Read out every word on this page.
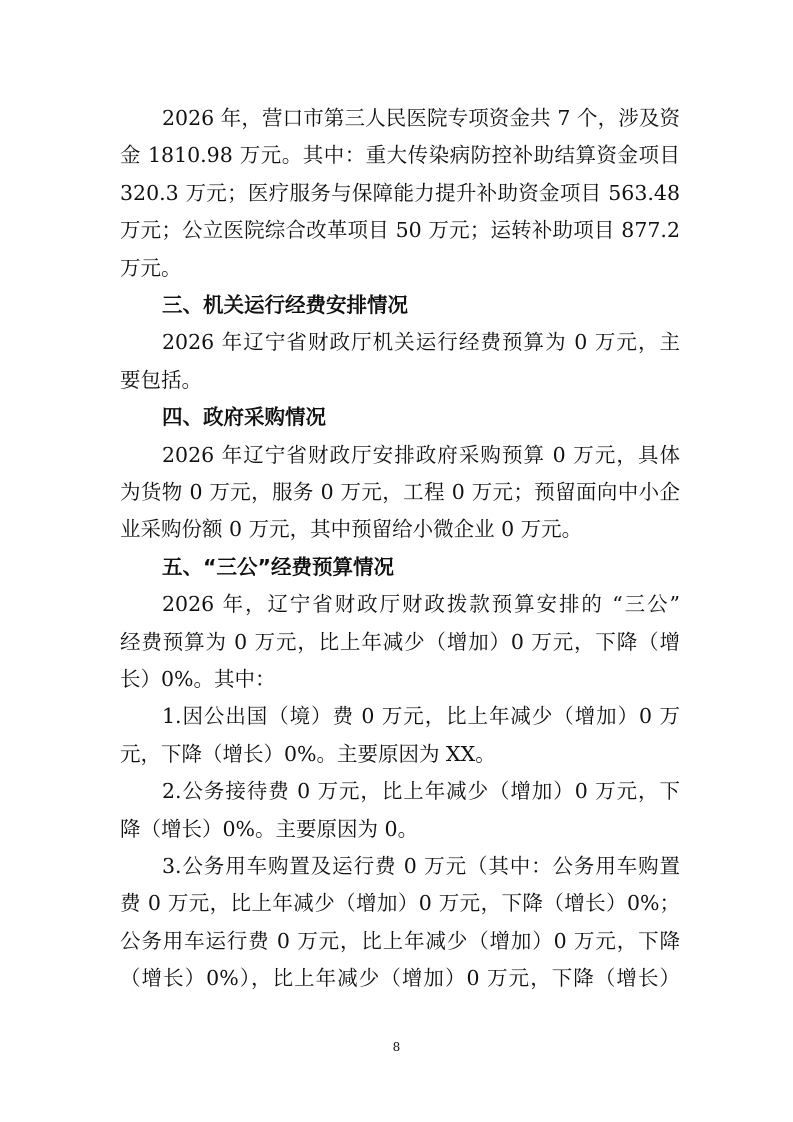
2026 年，营口市第三人民医院专项资金共 7 个，涉及资
金 1810.98 万元。其中：重大传染病防控补助结算资金项目
320.3 万元；医疗服务与保障能力提升补助资金项目 563.48
万元；公立医院综合改革项目 50 万元；运转补助项目 877.2
万元。
三、机关运行经费安排情况
2026 年辽宁省财政厅机关运行经费预算为 0 万元，主
要包括。
四、政府采购情况
2026 年辽宁省财政厅安排政府采购预算 0 万元，具体
为货物 0 万元，服务 0 万元，工程 0 万元；预留面向中小企
业采购份额 0 万元，其中预留给小微企业 0 万元。
五、“三公”经费预算情况
2026 年，辽宁省财政厅财政拨款预算安排的 “三公”
经费预算为 0 万元，比上年减少（增加）0 万元，下降（增
长）0%。其中：
1.因公出国（境）费 0 万元，比上年减少（增加）0 万
元，下降（增长）0%。主要原因为 XX。
2.公务接待费 0 万元，比上年减少（增加）0 万元，下
降（增长）0%。主要原因为 0。
3.公务用车购置及运行费 0 万元（其中：公务用车购置
费 0 万元，比上年减少（增加）0 万元，下降（增长）0%；
公务用车运行费 0 万元，比上年减少（增加）0 万元，下降
（增长）0%），比上年减少（增加）0 万元，下降（增长）
8
